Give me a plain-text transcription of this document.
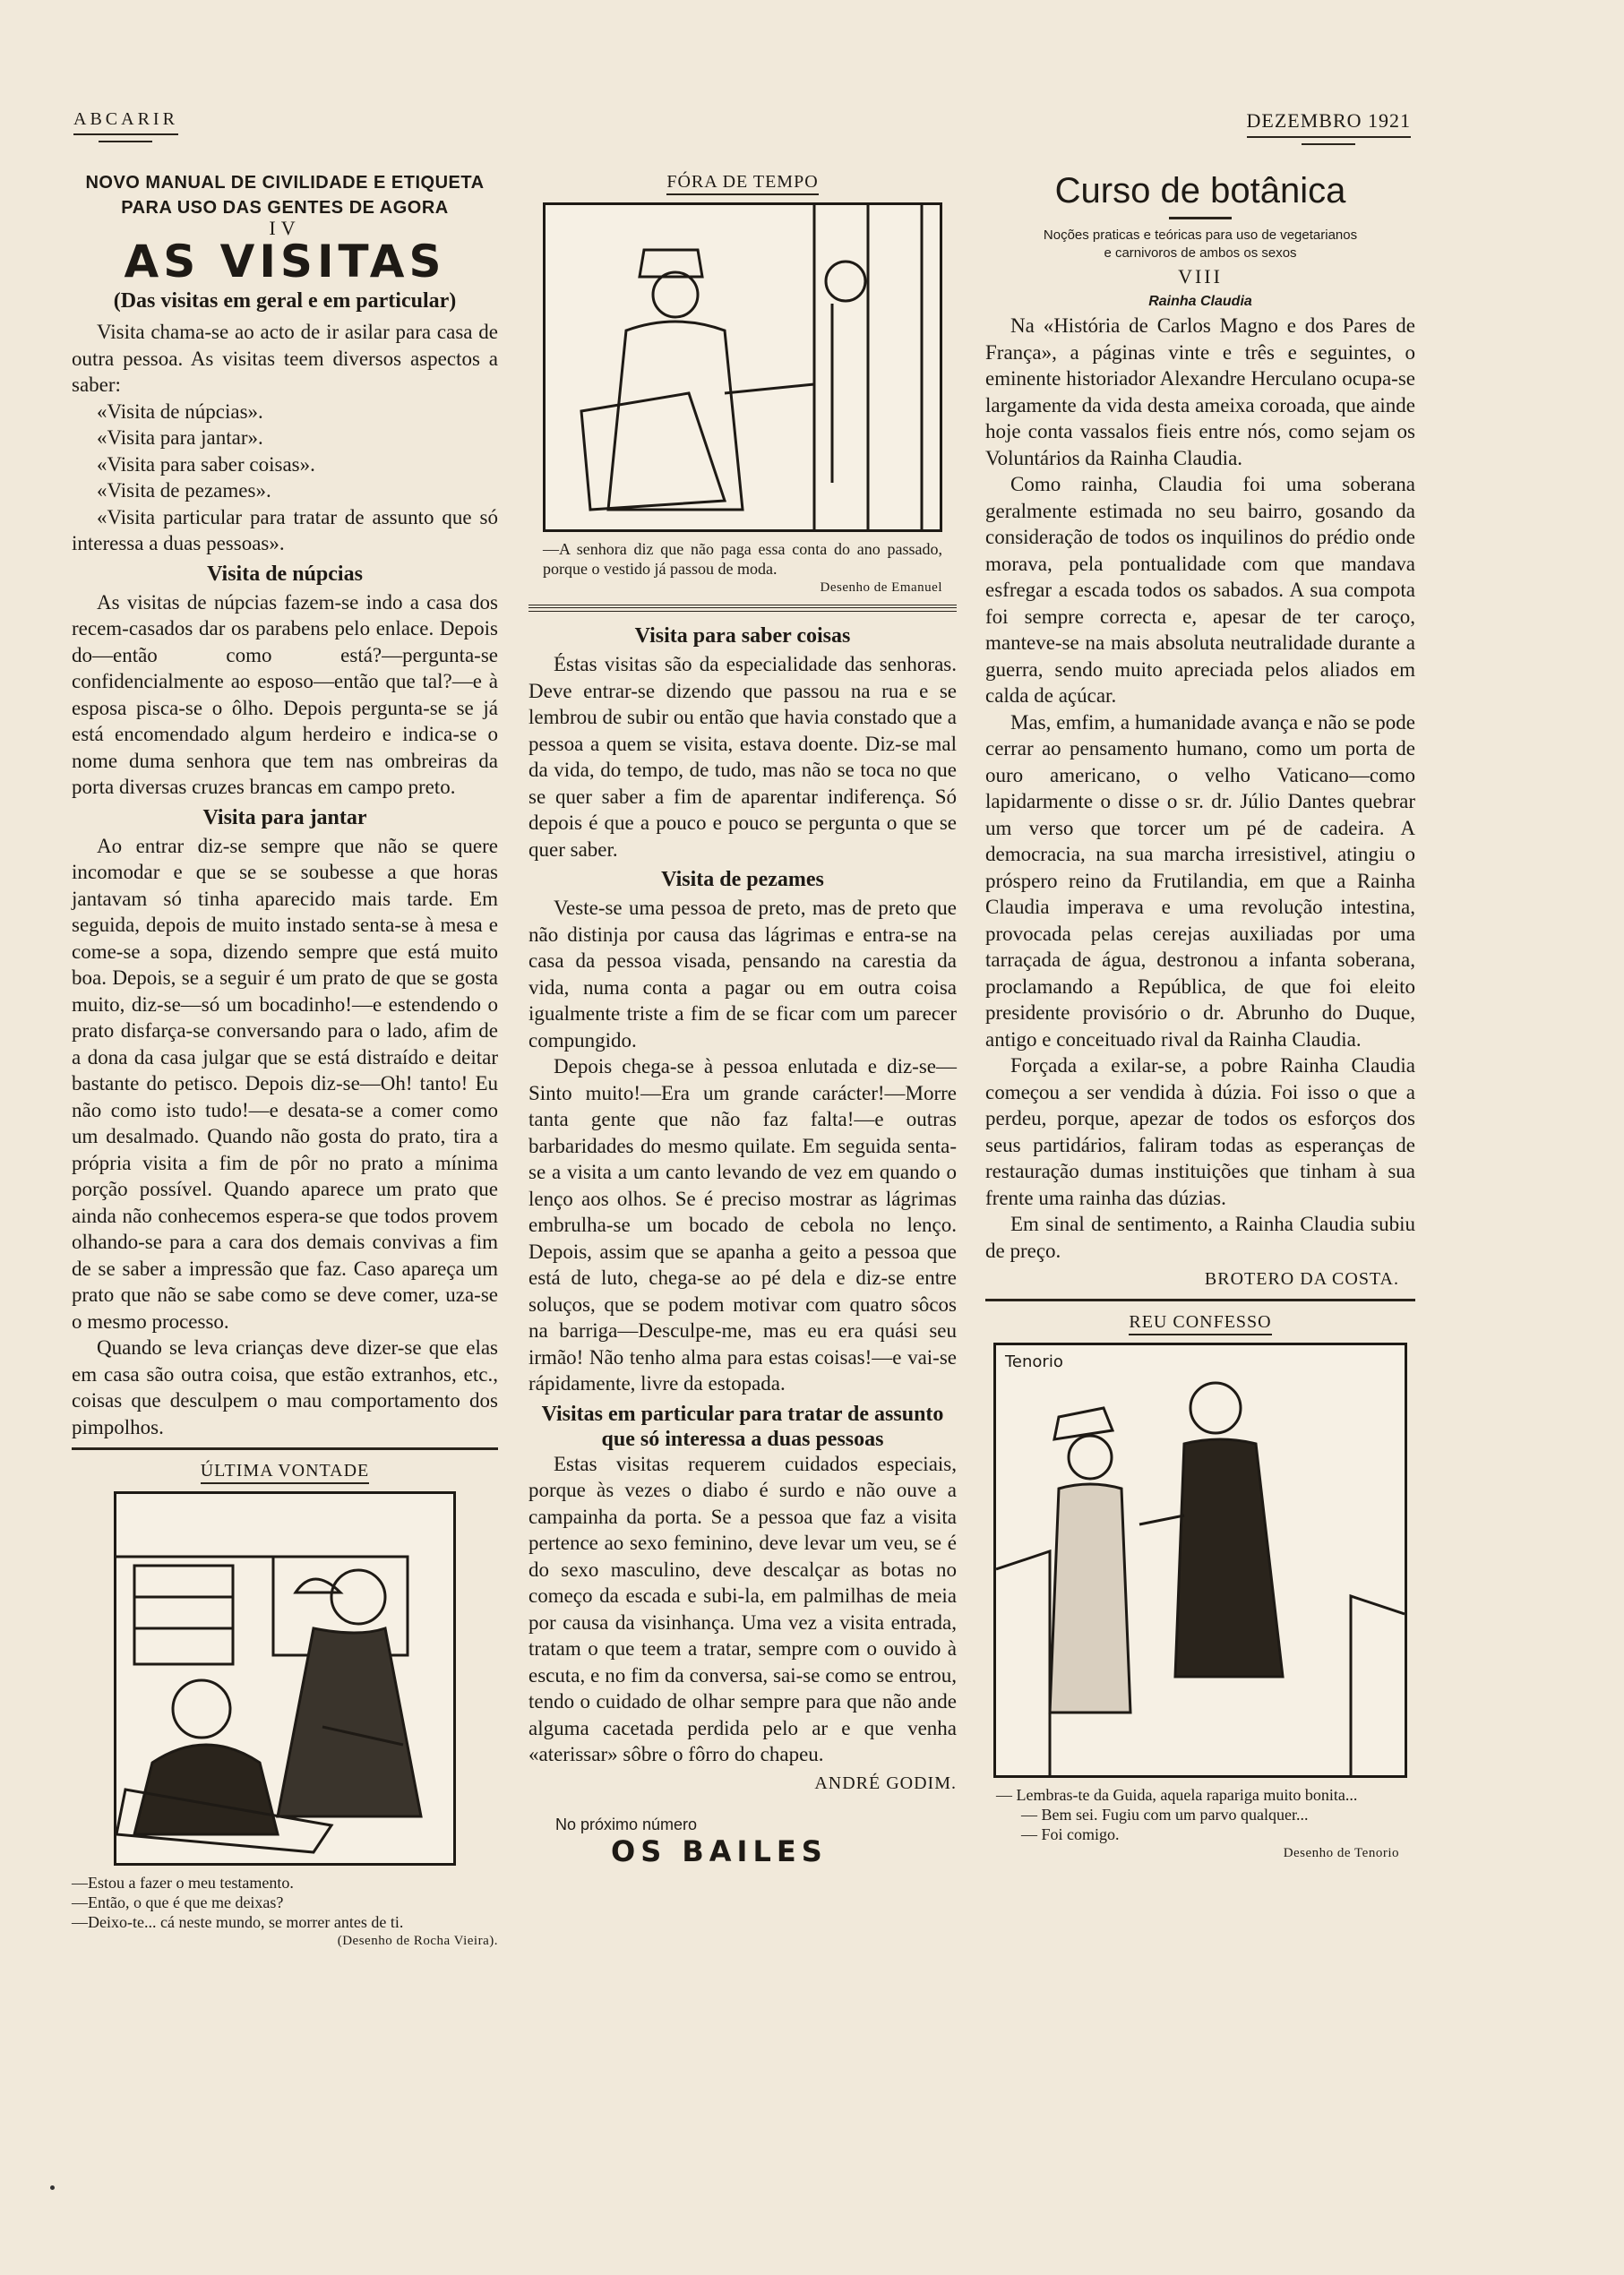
ABCARIR	DEZEMBRO 1921
NOVO MANUAL DE CIVILIDADE E ETIQUETA
PARA USO DAS GENTES DE AGORA
IV
AS VISITAS
(Das visitas em geral e em particular)

Visita chama-se ao acto de ir asilar para casa de outra pessoa. As visitas teem diversos aspectos a saber:

«Visita de núpcias».

«Visita para jantar».

«Visita para saber coisas».

«Visita de pezames».

«Visita particular para tratar de assunto que só interessa a duas pessoas».

Visita de núpcias

As visitas de núpcias fazem-se indo a casa dos recem-casados dar os parabens pelo enlace. Depois do—então como está?—pergunta-se confidencialmente ao esposo—então que tal?—e à esposa pisca-se o ôlho. Depois pergunta-se se já está encomendado algum herdeiro e indica-se o nome duma senhora que tem nas ombreiras da porta diversas cruzes brancas em campo preto.

Visita para jantar

Ao entrar diz-se sempre que não se quere incomodar e que se se soubesse a que horas jantavam só tinha aparecido mais tarde. Em seguida, depois de muito instado senta-se à mesa e come-se a sopa, dizendo sempre que está muito boa. Depois, se a seguir é um prato de que se gosta muito, diz-se—só um bocadinho!—e estendendo o prato disfarça-se conversando para o lado, afim de a dona da casa julgar que se está distraído e deitar bastante do petisco. Depois diz-se—Oh! tanto! Eu não como isto tudo!—e desata-se a comer como um desalmado. Quando não gosta do prato, tira a própria visita a fim de pôr no prato a mínima porção possível. Quando aparece um prato que ainda não conhecemos espera-se que todos provem olhando-se para a cara dos demais convivas a fim de se saber a impressão que faz. Caso apareça um prato que não se sabe como se deve comer, uza-se o mesmo processo.

Quando se leva crianças deve dizer-se que elas em casa são outra coisa, que estão extranhos, etc., coisas que desculpem o mau comportamento dos pimpolhos.

ÚLTIMA VONTADE
—Estou a fazer o meu testamento.
—Então, o que é que me deixas?
—Deixo-te... cá neste mundo, se morrer antes de ti.
(Desenho de Rocha Vieira).
FÓRA DE TEMPO
—A senhora diz que não paga essa conta do ano passado, porque o vestido já passou de moda.
Desenho de Emanuel
Visita para saber coisas

Éstas visitas são da especialidade das senhoras. Deve entrar-se dizendo que passou na rua e se lembrou de subir ou então que havia constado que a pessoa a quem se visita, estava doente. Diz-se mal da vida, do tempo, de tudo, mas não se toca no que se quer saber a fim de aparentar indiferença. Só depois é que a pouco e pouco se pergunta o que se quer saber.

Visita de pezames

Veste-se uma pessoa de preto, mas de preto que não distinja por causa das lágrimas e entra-se na casa da pessoa visada, pensando na carestia da vida, numa conta a pagar ou em outra coisa igualmente triste a fim de se ficar com um parecer compungido.

Depois chega-se à pessoa enlutada e diz-se—Sinto muito!—Era um grande carácter!—Morre tanta gente que não faz falta!—e outras barbaridades do mesmo quilate. Em seguida senta-se a visita a um canto levando de vez em quando o lenço aos olhos. Se é preciso mostrar as lágrimas embrulha-se um bocado de cebola no lenço. Depois, assim que se apanha a geito a pessoa que está de luto, chega-se ao pé dela e diz-se entre soluços, que se podem motivar com quatro sôcos na barriga—Desculpe-me, mas eu era quási seu irmão! Não tenho alma para estas coisas!—e vai-se rápidamente, livre da estopada.

Visitas em particular para tratar de assunto
que só interessa a duas pessoas

Estas visitas requerem cuidados especiais, porque às vezes o diabo é surdo e não ouve a campainha da porta. Se a pessoa que faz a visita pertence ao sexo feminino, deve levar um veu, se é do sexo masculino, deve descalçar as botas no começo da escada e subi-la, em palmilhas de meia por causa da visinhança. Uma vez a visita entrada, tratam o que teem a tratar, sempre com o ouvido à escuta, e no fim da conversa, sai-se como se entrou, tendo o cuidado de olhar sempre para que não ande alguma cacetada perdida pelo ar e que venha «aterissar» sôbre o fôrro do chapeu.

ANDRÉ GODIM.
No próximo número
OS BAILES
Curso de botânica
Noções praticas e teóricas para uso de vegetarianos
e carnivoros de ambos os sexos
VIII
Rainha Claudia

Na «História de Carlos Magno e dos Pares de França», a páginas vinte e três e seguintes, o eminente historiador Alexandre Herculano ocupa-se largamente da vida desta ameixa coroada, que ainde hoje conta vassalos fieis entre nós, como sejam os Voluntários da Rainha Claudia.

Como rainha, Claudia foi uma soberana geralmente estimada no seu bairro, gosando da consideração de todos os inquilinos do prédio onde morava, pela pontualidade com que mandava esfregar a escada todos os sabados. A sua compota foi sempre correcta e, apesar de ter caroço, manteve-se na mais absoluta neutralidade durante a guerra, sendo muito apreciada pelos aliados em calda de açúcar.

Mas, emfim, a humanidade avança e não se pode cerrar ao pensamento humano, como um porta de ouro americano, o velho Vaticano—como lapidarmente o disse o sr. dr. Júlio Dantes quebrar um verso que torcer um pé de cadeira. A democracia, na sua marcha irresistivel, atingiu o próspero reino da Frutilandia, em que a Rainha Claudia imperava e uma revolução intestina, provocada pelas cerejas auxiliadas por uma tarraçada de água, destronou a infanta soberana, proclamando a República, de que foi eleito presidente provisório o dr. Abrunho do Duque, antigo e conceituado rival da Rainha Claudia.

Forçada a exilar-se, a pobre Rainha Claudia começou a ser vendida à dúzia. Foi isso o que a perdeu, porque, apezar de todos os esforços dos seus partidários, faliram todas as esperanças de restauração dumas instituições que tinham à sua frente uma rainha das dúzias.

Em sinal de sentimento, a Rainha Claudia subiu de preço.

BROTERO DA COSTA.
REU CONFESSO
Tenorio
— Lembras-te da Guida, aquela rapariga muito bonita...
— Bem sei. Fugiu com um parvo qualquer...
— Foi comigo.
Desenho de Tenorio
